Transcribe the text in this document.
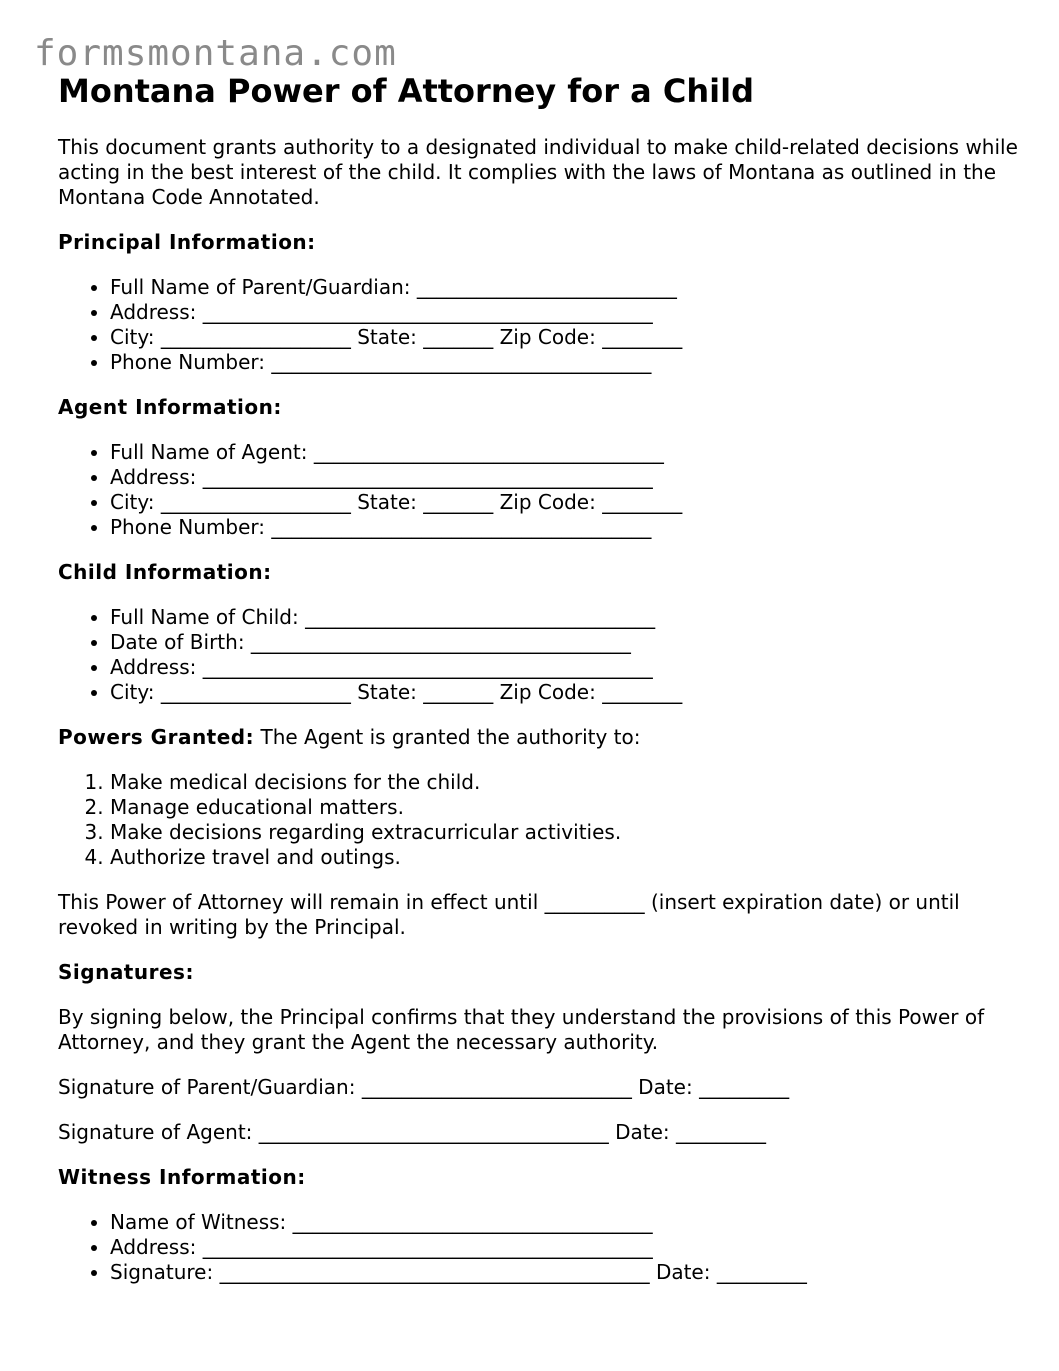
formsmontana.com
Montana Power of Attorney for a Child

This document grants authority to a designated individual to make child-related decisions while acting in the best interest of the child. It complies with the laws of Montana as outlined in the Montana Code Annotated.

Principal Information:
• Full Name of Parent/Guardian: __________________________
• Address: _____________________________________________
• City: ___________________ State: _______ Zip Code: ________
• Phone Number: ______________________________________
Agent Information:
• Full Name of Agent: ___________________________________
• Address: _____________________________________________
• City: ___________________ State: _______ Zip Code: ________
• Phone Number: ______________________________________
Child Information:
• Full Name of Child: ___________________________________
• Date of Birth: ______________________________________
• Address: _____________________________________________
• City: ___________________ State: _______ Zip Code: ________

Powers Granted: The Agent is granted the authority to:

1. Make medical decisions for the child.
2. Manage educational matters.
3. Make decisions regarding extracurricular activities.
4. Authorize travel and outings.

This Power of Attorney will remain in effect until __________ (insert expiration date) or until revoked in writing by the Principal.

Signatures:

By signing below, the Principal confirms that they understand the provisions of this Power of Attorney, and they grant the Agent the necessary authority.

Signature of Parent/Guardian: ___________________________ Date: _________

Signature of Agent: ___________________________________ Date: _________

Witness Information:
• Name of Witness: ____________________________________
• Address: _____________________________________________
• Signature: ___________________________________________ Date: _________
